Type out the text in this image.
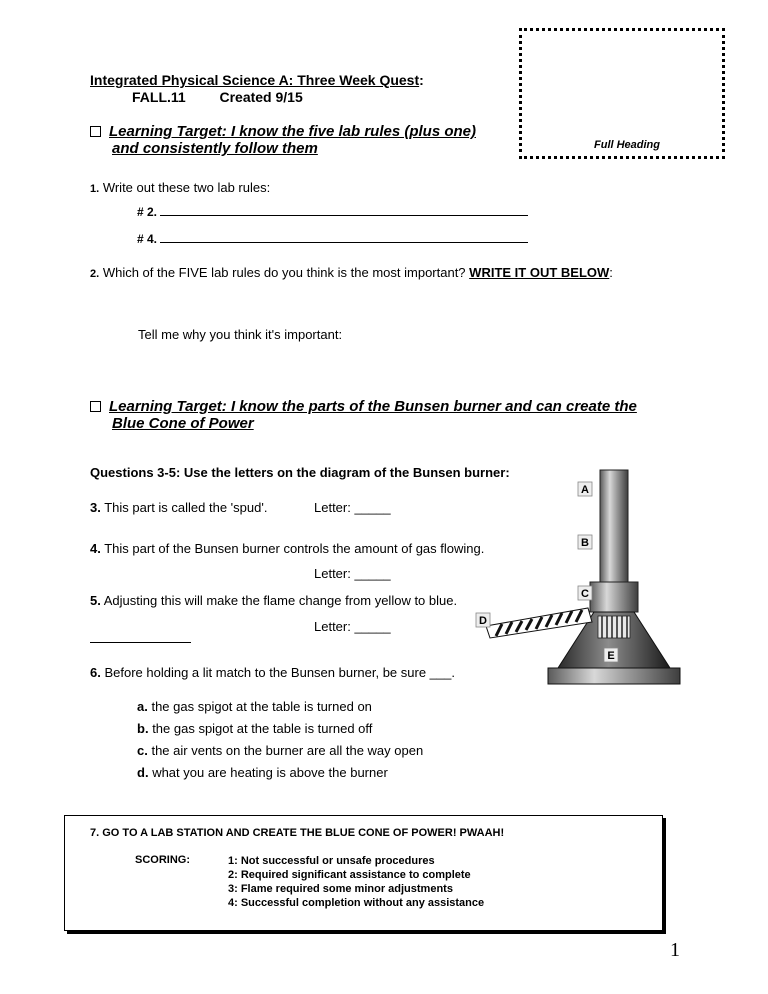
Integrated Physical Science A: Three Week Quest:
FALL.11 Created 9/15
Full Heading
Learning Target: I know the five lab rules (plus one)
and consistently follow them
1. Write out these two lab rules:
# 2.
# 4.
2. Which of the FIVE lab rules do you think is the most important? WRITE IT OUT BELOW:
Tell me why you think it's important:
Learning Target: I know the parts of the Bunsen burner and can create the
Blue Cone of Power
Questions 3-5: Use the letters on the diagram of the Bunsen burner:
3. This part is called the 'spud'.	Letter: _____
4. This part of the Bunsen burner controls the amount of gas flowing.
Letter: _____
5. Adjusting this will make the flame change from yellow to blue.
Letter: _____
A
B
C
D
E
6. Before holding a lit match to the Bunsen burner, be sure ___.
a. the gas spigot at the table is turned on
b. the gas spigot at the table is turned off
c. the air vents on the burner are all the way open
d. what you are heating is above the burner
7. GO TO A LAB STATION AND CREATE THE BLUE CONE OF POWER! PWAAH!
SCORING:	1: Not successful or unsafe procedures
2: Required significant assistance to complete
3: Flame required some minor adjustments
4: Successful completion without any assistance
1
